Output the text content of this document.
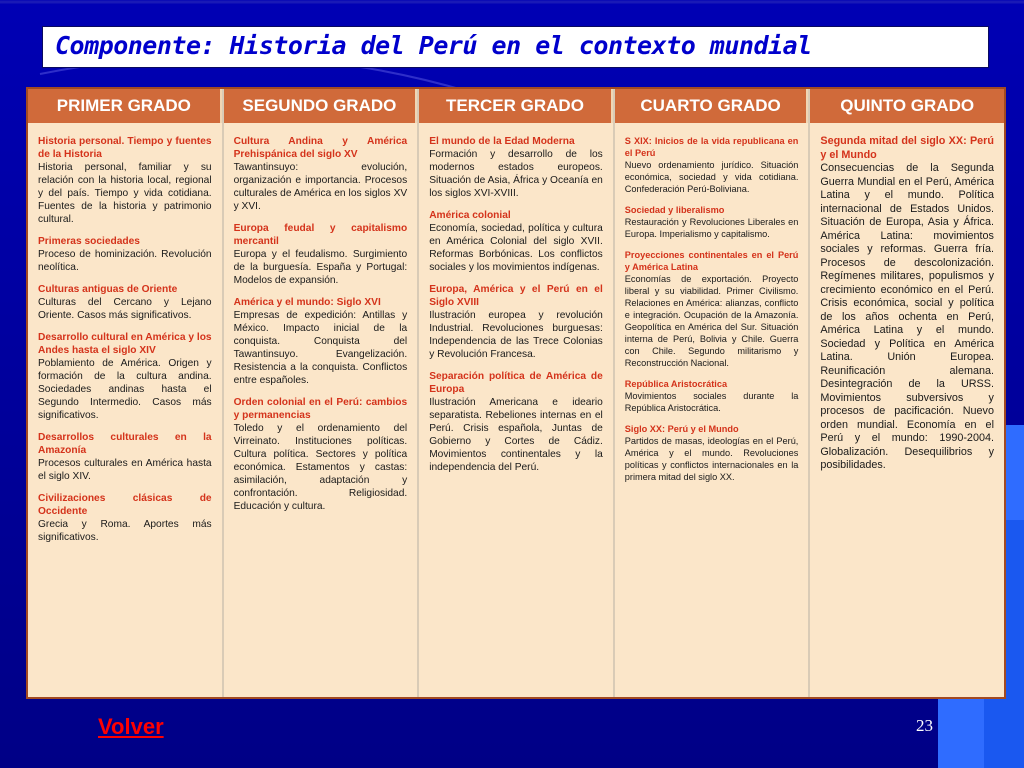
Componente: Historia del Perú en el contexto mundial
PRIMER GRADO
Historia personal. Tiempo y fuentes de la Historia
Historia personal, familiar y su relación con la historia local, regional y del país. Tiempo y vida cotidiana. Fuentes de la historia y patrimonio cultural.
Primeras sociedades
Proceso de hominización. Revolución neolítica.
Culturas antiguas de Oriente
Culturas del Cercano y Lejano Oriente. Casos más significativos.
Desarrollo cultural en América y los Andes hasta el siglo XIV
Poblamiento de América. Origen y formación de la cultura andina. Sociedades andinas hasta el Segundo Intermedio. Casos más significativos.
Desarrollos culturales en la Amazonía
Procesos culturales en América hasta el siglo XIV.
Civilizaciones clásicas de Occidente
Grecia y Roma. Aportes más significativos.
SEGUNDO GRADO
Cultura Andina y América Prehispánica del siglo XV
Tawantinsuyo: evolución, organización e importancia. Procesos culturales de América en los siglos XV y XVI.
Europa feudal y capitalismo mercantil
Europa y el feudalismo. Surgimiento de la burguesía. España y Portugal: Modelos de expansión.
América y el mundo: Siglo XVI
Empresas de expedición: Antillas y México. Impacto inicial de la conquista. Conquista del Tawantinsuyo. Evangelización. Resistencia a la conquista. Conflictos entre españoles.
Orden colonial en el Perú: cambios y permanencias
Toledo y el ordenamiento del Virreinato. Instituciones políticas. Cultura política. Sectores y política económica. Estamentos y castas: asimilación, adaptación y confrontación. Religiosidad. Educación y cultura.
TERCER GRADO
El mundo de la Edad Moderna
Formación y desarrollo de los modernos estados europeos. Situación de Asia, África y Oceanía en los siglos XVI-XVIII.
América colonial
Economía, sociedad, política y cultura en América Colonial del siglo XVII. Reformas Borbónicas. Los conflictos sociales y los movimientos indígenas.
Europa, América y el Perú en el Siglo XVIII
Ilustración europea y revolución Industrial. Revoluciones burguesas: Independencia de las Trece Colonias y Revolución Francesa.
Separación política de América de Europa
Ilustración Americana e ideario separatista. Rebeliones internas en el Perú. Crisis española, Juntas de Gobierno y Cortes de Cádiz. Movimientos continentales y la independencia del Perú.
CUARTO GRADO
S XIX: Inicios de la vida republicana en el Perú
Nuevo ordenamiento jurídico. Situación económica, sociedad y vida cotidiana. Confederación Perú-Boliviana.
Sociedad y liberalismo
Restauración y Revoluciones Liberales en Europa. Imperialismo y capitalismo.
Proyecciones continentales en el Perú y América Latina
Economías de exportación. Proyecto liberal y su viabilidad. Primer Civilismo. Relaciones en América: alianzas, conflicto e integración. Ocupación de la Amazonía. Geopolítica en América del Sur. Situación interna de Perú, Bolivia y Chile. Guerra con Chile. Segundo militarismo y Reconstrucción Nacional.
República Aristocrática
Movimientos sociales durante la República Aristocrática.
Siglo XX: Perú y el Mundo
Partidos de masas, ideologías en el Perú, América y el mundo. Revoluciones políticas y conflictos internacionales en la primera mitad del siglo XX.
QUINTO GRADO
Segunda mitad del siglo XX: Perú y el Mundo
Consecuencias de la Segunda Guerra Mundial en el Perú, América Latina y el mundo. Política internacional de Estados Unidos. Situación de Europa, Asia y África. América Latina: movimientos sociales y reformas. Guerra fría. Procesos de descolonización. Regímenes militares, populismos y crecimiento económico en el Perú. Crisis económica, social y política de los años ochenta en Perú, América Latina y el mundo. Sociedad y Política en América Latina. Unión Europea. Reunificación alemana. Desintegración de la URSS. Movimientos subversivos y procesos de pacificación. Nuevo orden mundial. Economía en el Perú y el mundo: 1990-2004. Globalización. Desequilibrios y posibilidades.
Volver	23
